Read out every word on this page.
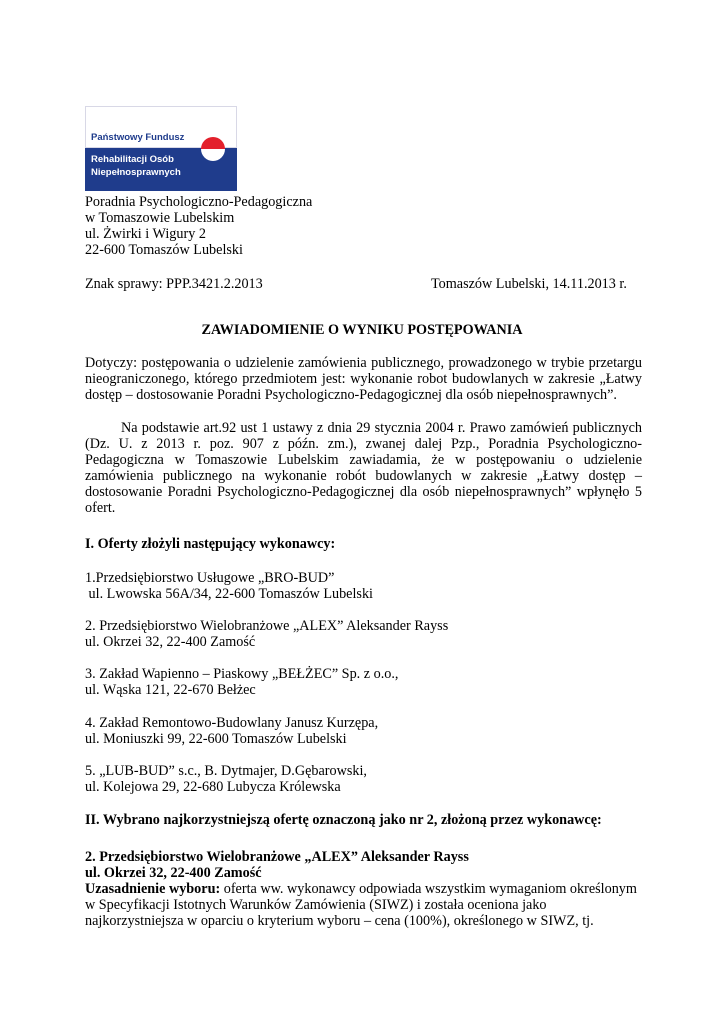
Państwowy Fundusz
Rehabilitacji Osób
Niepełnosprawnych
Poradnia Psychologiczno-Pedagogiczna
w Tomaszowie Lubelskim
ul. Żwirki i Wigury 2
22-600 Tomaszów Lubelski
Znak sprawy: PPP.3421.2.2013	Tomaszów Lubelski, 14.11.2013 r.
ZAWIADOMIENIE O WYNIKU POSTĘPOWANIA
Dotyczy: postępowania o udzielenie zamówienia publicznego, prowadzonego w trybie przetargu
nieograniczonego, którego przedmiotem jest: wykonanie robot budowlanych w zakresie „Łatwy
dostęp – dostosowanie Poradni Psychologiczno-Pedagogicznej dla osób niepełnosprawnych”.
Na podstawie art.92 ust 1 ustawy z dnia 29 stycznia 2004 r. Prawo zamówień publicznych
(Dz. U. z 2013 r. poz. 907 z późn. zm.), zwanej dalej Pzp., Poradnia Psychologiczno-
Pedagogiczna w Tomaszowie Lubelskim zawiadamia, że w postępowaniu o udzielenie
zamówienia publicznego na wykonanie robót budowlanych w zakresie „Łatwy dostęp –
dostosowanie Poradni Psychologiczno-Pedagogicznej dla osób niepełnosprawnych” wpłynęło 5
ofert.
I. Oferty złożyli następujący wykonawcy:
1.Przedsiębiorstwo Usługowe „BRO-BUD”
ul. Lwowska 56A/34, 22-600 Tomaszów Lubelski
2. Przedsiębiorstwo Wielobranżowe „ALEX” Aleksander Rayss
ul. Okrzei 32, 22-400 Zamość
3. Zakład Wapienno – Piaskowy „BEŁŻEC” Sp. z o.o.,
ul. Wąska 121, 22-670 Bełżec
4. Zakład Remontowo-Budowlany Janusz Kurzępa,
ul. Moniuszki 99, 22-600 Tomaszów Lubelski
5. „LUB-BUD” s.c., B. Dytmajer, D.Gębarowski,
ul. Kolejowa 29, 22-680 Lubycza Królewska
II. Wybrano najkorzystniejszą ofertę oznaczoną jako nr 2, złożoną przez wykonawcę:
2. Przedsiębiorstwo Wielobranżowe „ALEX” Aleksander Rayss
ul. Okrzei 32, 22-400 Zamość
Uzasadnienie wyboru: oferta ww. wykonawcy odpowiada wszystkim wymaganiom określonym
w Specyfikacji Istotnych Warunków Zamówienia (SIWZ) i została oceniona jako
najkorzystniejsza w oparciu o kryterium wyboru – cena (100%), określonego w SIWZ, tj.
